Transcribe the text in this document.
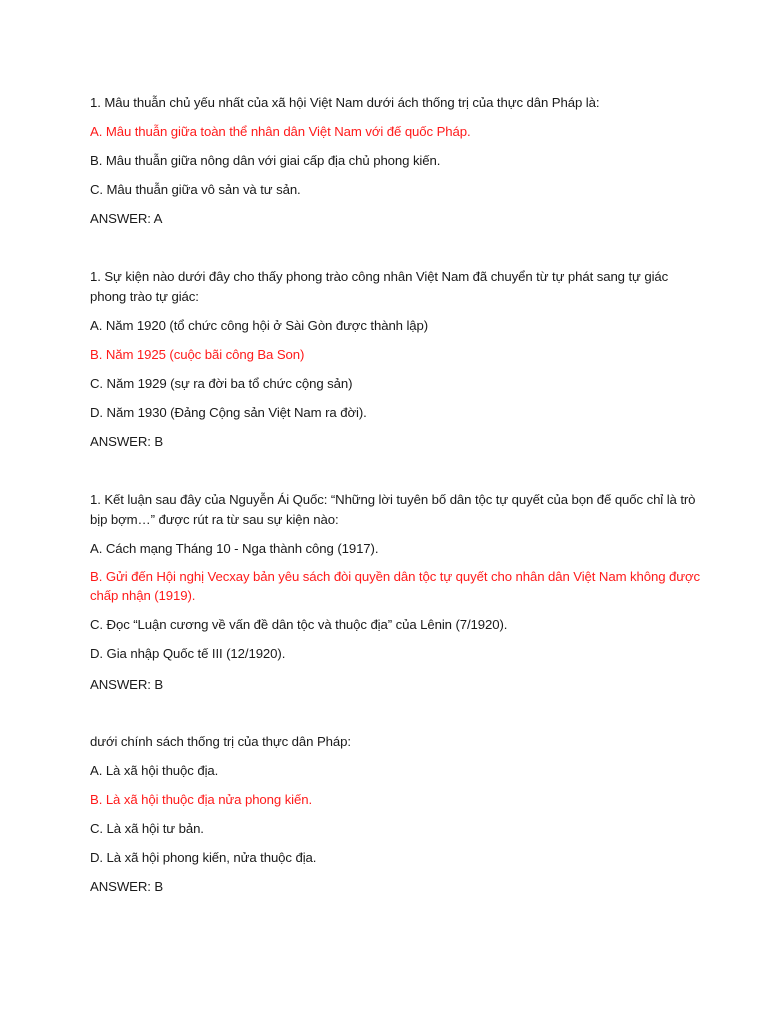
1. Mâu thuẫn chủ yếu nhất của xã hội Việt Nam dưới ách thống trị của thực dân Pháp là:
A. Mâu thuẫn giữa toàn thể nhân dân Việt Nam với đế quốc Pháp.
B. Mâu thuẫn giữa nông dân với giai cấp địa chủ phong kiến.
C. Mâu thuẫn giữa vô sản và tư sản.
ANSWER: A
1. Sự kiện nào dưới đây cho thấy phong trào công nhân Việt Nam đã chuyển từ tự phát sang tự giác
phong trào tự giác:
A. Năm 1920 (tổ chức công hội ở Sài Gòn được thành lập)
B. Năm 1925 (cuộc bãi công Ba Son)
C. Năm 1929 (sự ra đời ba tổ chức cộng sản)
D. Năm 1930 (Đảng Cộng sản Việt Nam ra đời).
ANSWER: B
1. Kết luận sau đây của Nguyễn Ái Quốc: “Những lời tuyên bố dân tộc tự quyết của bọn đế quốc chỉ là trò
bịp bợm…” được rút ra từ sau sự kiện nào:
A. Cách mạng Tháng 10 - Nga thành công (1917).
B. Gửi đến Hội nghị Vecxay bản yêu sách đòi quyền dân tộc tự quyết cho nhân dân Việt Nam không được
chấp nhận (1919).
C. Đọc “Luận cương về vấn đề dân tộc và thuộc địa” của Lênin (7/1920).
D. Gia nhập Quốc tế III (12/1920).
ANSWER: B
dưới chính sách thống trị của thực dân Pháp:
A. Là xã hội thuộc địa.
B. Là xã hội thuộc địa nửa phong kiến.
C. Là xã hội tư bản.
D. Là xã hội phong kiến, nửa thuộc địa.
ANSWER: B
